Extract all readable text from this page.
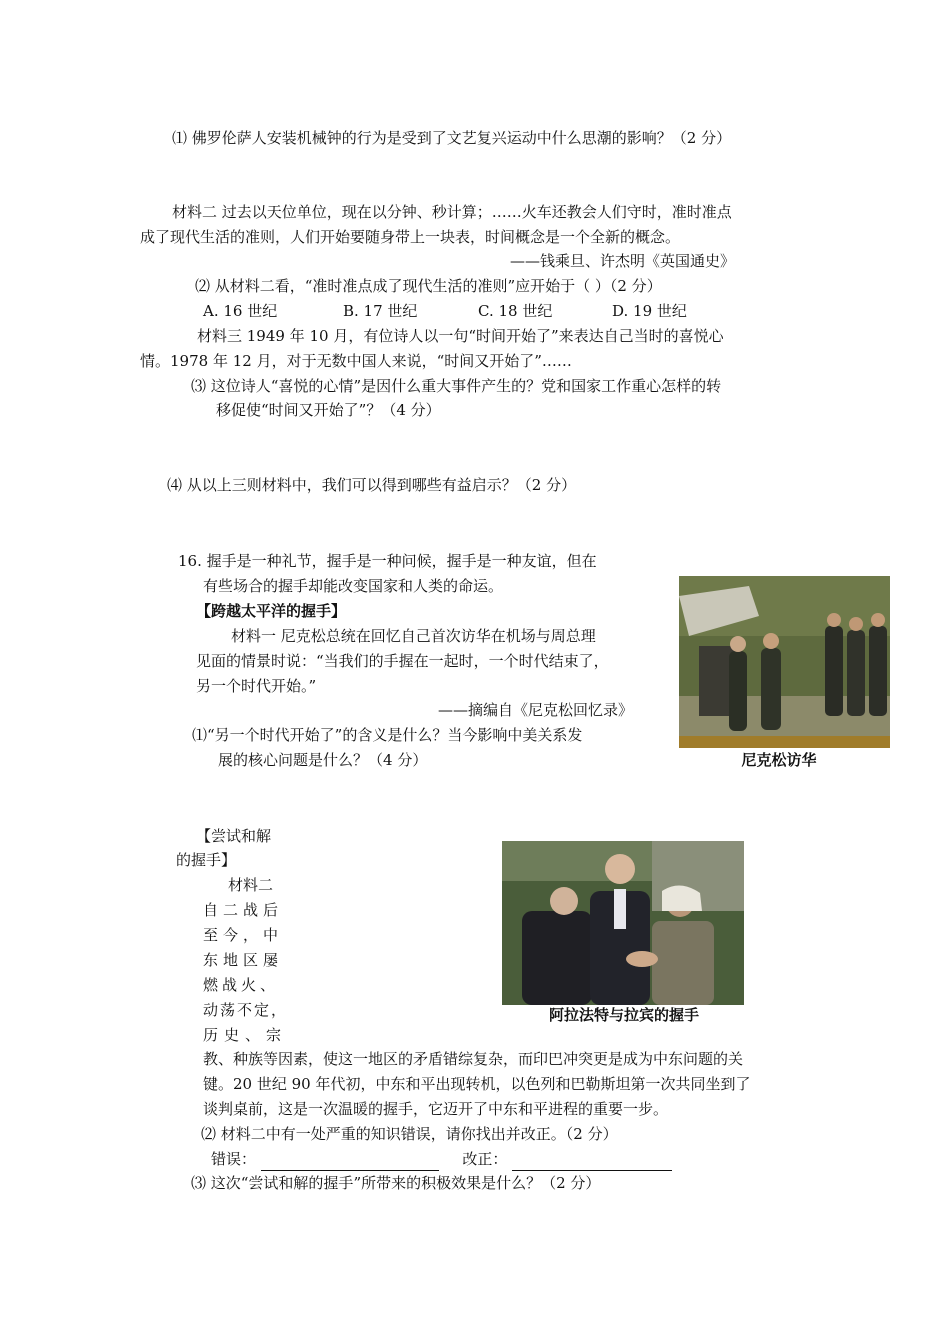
⑴ 佛罗伦萨人安装机械钟的行为是受到了文艺复兴运动中什么思潮的影响？（2 分）
材料二 过去以天位单位，现在以分钟、秒计算；……火车还教会人们守时，准时准点
成了现代生活的准则，人们开始要随身带上一块表，时间概念是一个全新的概念。
——钱乘旦、许杰明《英国通史》
⑵ 从材料二看，“准时准点成了现代生活的准则”应开始于（ ）（2 分）
A. 16 世纪	B. 17 世纪	C. 18 世纪	D. 19 世纪
材料三 1949 年 10 月，有位诗人以一句“时间开始了”来表达自己当时的喜悦心
情。1978 年 12 月，对于无数中国人来说，“时间又开始了”……
⑶ 这位诗人“喜悦的心情”是因什么重大事件产生的？党和国家工作重心怎样的转
移促使“时间又开始了”？（4 分）
⑷ 从以上三则材料中，我们可以得到哪些有益启示？（2 分）
16. 握手是一种礼节，握手是一种问候，握手是一种友谊，但在
有些场合的握手却能改变国家和人类的命运。
【跨越太平洋的握手】
材料一 尼克松总统在回忆自己首次访华在机场与周总理
见面的情景时说：“当我们的手握在一起时，一个时代结束了，
另一个时代开始。”
——摘编自《尼克松回忆录》
⑴“另一个时代开始了”的含义是什么？当今影响中美关系发
展的核心问题是什么？（4 分）	尼克松访华
【尝试和解
的握手】
材料二
自二战后
至今，中
东地区屡
燃战火、
动荡不定，
历史、宗
阿拉法特与拉宾的握手
教、种族等因素，使这一地区的矛盾错综复杂，而印巴冲突更是成为中东问题的关
键。20 世纪 90 年代初，中东和平出现转机，以色列和巴勒斯坦第一次共同坐到了
谈判桌前，这是一次温暖的握手，它迈开了中东和平进程的重要一步。
⑵ 材料二中有一处严重的知识错误，请你找出并改正。（2 分）
错误：	改正：
⑶ 这次“尝试和解的握手”所带来的积极效果是什么？（2 分）
